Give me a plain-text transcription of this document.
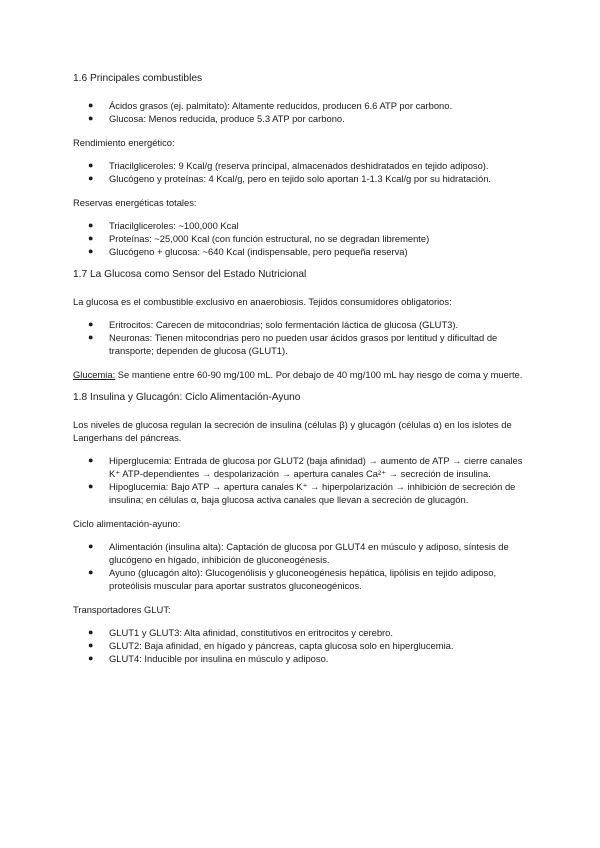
1.6 Principales combustibles

● Ácidos grasos (ej. palmitato): Altamente reducidos, producen 6.6 ATP por carbono.
● Glucosa: Menos reducida, produce 5.3 ATP por carbono.

Rendimiento energético:

● Triacilgliceroles: 9 Kcal/g (reserva principal, almacenados deshidratados en tejido adiposo).
● Glucógeno y proteínas: 4 Kcal/g, pero en tejido solo aportan 1-1.3 Kcal/g por su hidratación.

Reservas energéticas totales:

● Triacilgliceroles: ~100,000 Kcal
● Proteínas: ~25,000 Kcal (con función estructural, no se degradan libremente)
● Glucógeno + glucosa: ~640 Kcal (indispensable, pero pequeña reserva)

1.7 La Glucosa como Sensor del Estado Nutricional

La glucosa es el combustible exclusivo en anaerobiosis. Tejidos consumidores obligatorios:

● Eritrocitos: Carecen de mitocondrias; solo fermentación láctica de glucosa (GLUT3).
● Neuronas: Tienen mitocondrias pero no pueden usar ácidos grasos por lentitud y dificultad de transporte; dependen de glucosa (GLUT1).

Glucemia: Se mantiene entre 60-90 mg/100 mL. Por debajo de 40 mg/100 mL hay riesgo de coma y muerte.

1.8 Insulina y Glucagón: Ciclo Alimentación-Ayuno

Los niveles de glucosa regulan la secreción de insulina (células β) y glucagón (células α) en los islotes de Langerhans del páncreas.

● Hiperglucemia: Entrada de glucosa por GLUT2 (baja afinidad) → aumento de ATP → cierre canales K⁺ ATP-dependientes → despolarización → apertura canales Ca²⁺ → secreción de insulina.
● Hipoglucemia: Bajo ATP → apertura canales K⁺ → hiperpolarización → inhibición de secreción de insulina; en células α, baja glucosa activa canales que llevan a secreción de glucagón.

Ciclo alimentación-ayuno:

● Alimentación (insulina alta): Captación de glucosa por GLUT4 en músculo y adiposo, síntesis de glucógeno en hígado, inhibición de gluconeogénesis.
● Ayuno (glucagón alto): Glucogenólisis y gluconeogénesis hepática, lipólisis en tejido adiposo, proteólisis muscular para aportar sustratos gluconeogénicos.

Transportadores GLUT:

● GLUT1 y GLUT3: Alta afinidad, constitutivos en eritrocitos y cerebro.
● GLUT2: Baja afinidad, en hígado y páncreas, capta glucosa solo en hiperglucemia.
● GLUT4: Inducible por insulina en músculo y adiposo.
